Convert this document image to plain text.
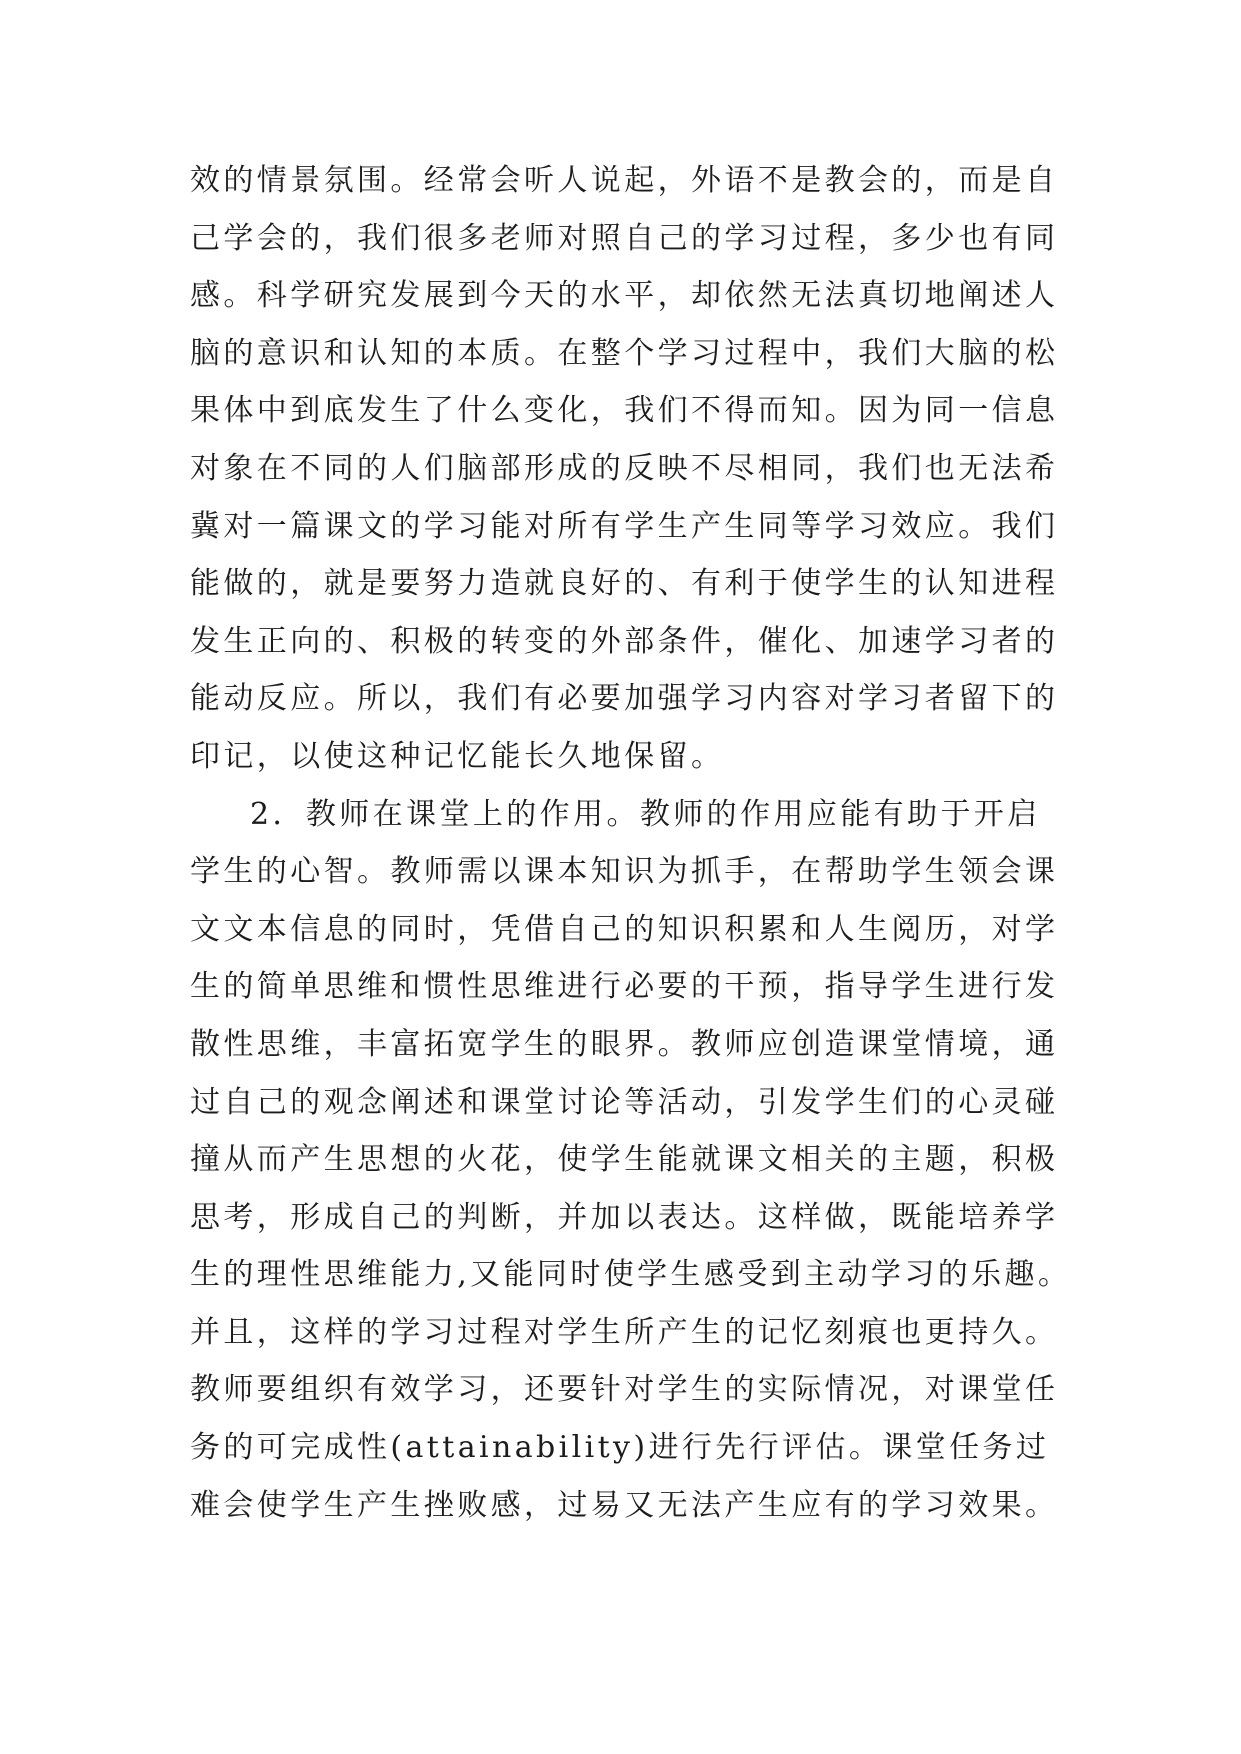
效的情景氛围。经常会听人说起，外语不是教会的，而是自
己学会的，我们很多老师对照自己的学习过程，多少也有同
感。科学研究发展到今天的水平，却依然无法真切地阐述人
脑的意识和认知的本质。在整个学习过程中，我们大脑的松
果体中到底发生了什么变化，我们不得而知。因为同一信息
对象在不同的人们脑部形成的反映不尽相同，我们也无法希
冀对一篇课文的学习能对所有学生产生同等学习效应。我们
能做的，就是要努力造就良好的、有利于使学生的认知进程
发生正向的、积极的转变的外部条件，催化、加速学习者的
能动反应。所以，我们有必要加强学习内容对学习者留下的
印记，以使这种记忆能长久地保留。
2．教师在课堂上的作用。教师的作用应能有助于开启
学生的心智。教师需以课本知识为抓手，在帮助学生领会课
文文本信息的同时，凭借自己的知识积累和人生阅历，对学
生的简单思维和惯性思维进行必要的干预，指导学生进行发
散性思维，丰富拓宽学生的眼界。教师应创造课堂情境，通
过自己的观念阐述和课堂讨论等活动，引发学生们的心灵碰
撞从而产生思想的火花，使学生能就课文相关的主题，积极
思考，形成自己的判断，并加以表达。这样做，既能培养学
生的理性思维能力,又能同时使学生感受到主动学习的乐趣。
并且，这样的学习过程对学生所产生的记忆刻痕也更持久。
教师要组织有效学习，还要针对学生的实际情况，对课堂任
务的可完成性(attainability)进行先行评估。课堂任务过
难会使学生产生挫败感，过易又无法产生应有的学习效果。
